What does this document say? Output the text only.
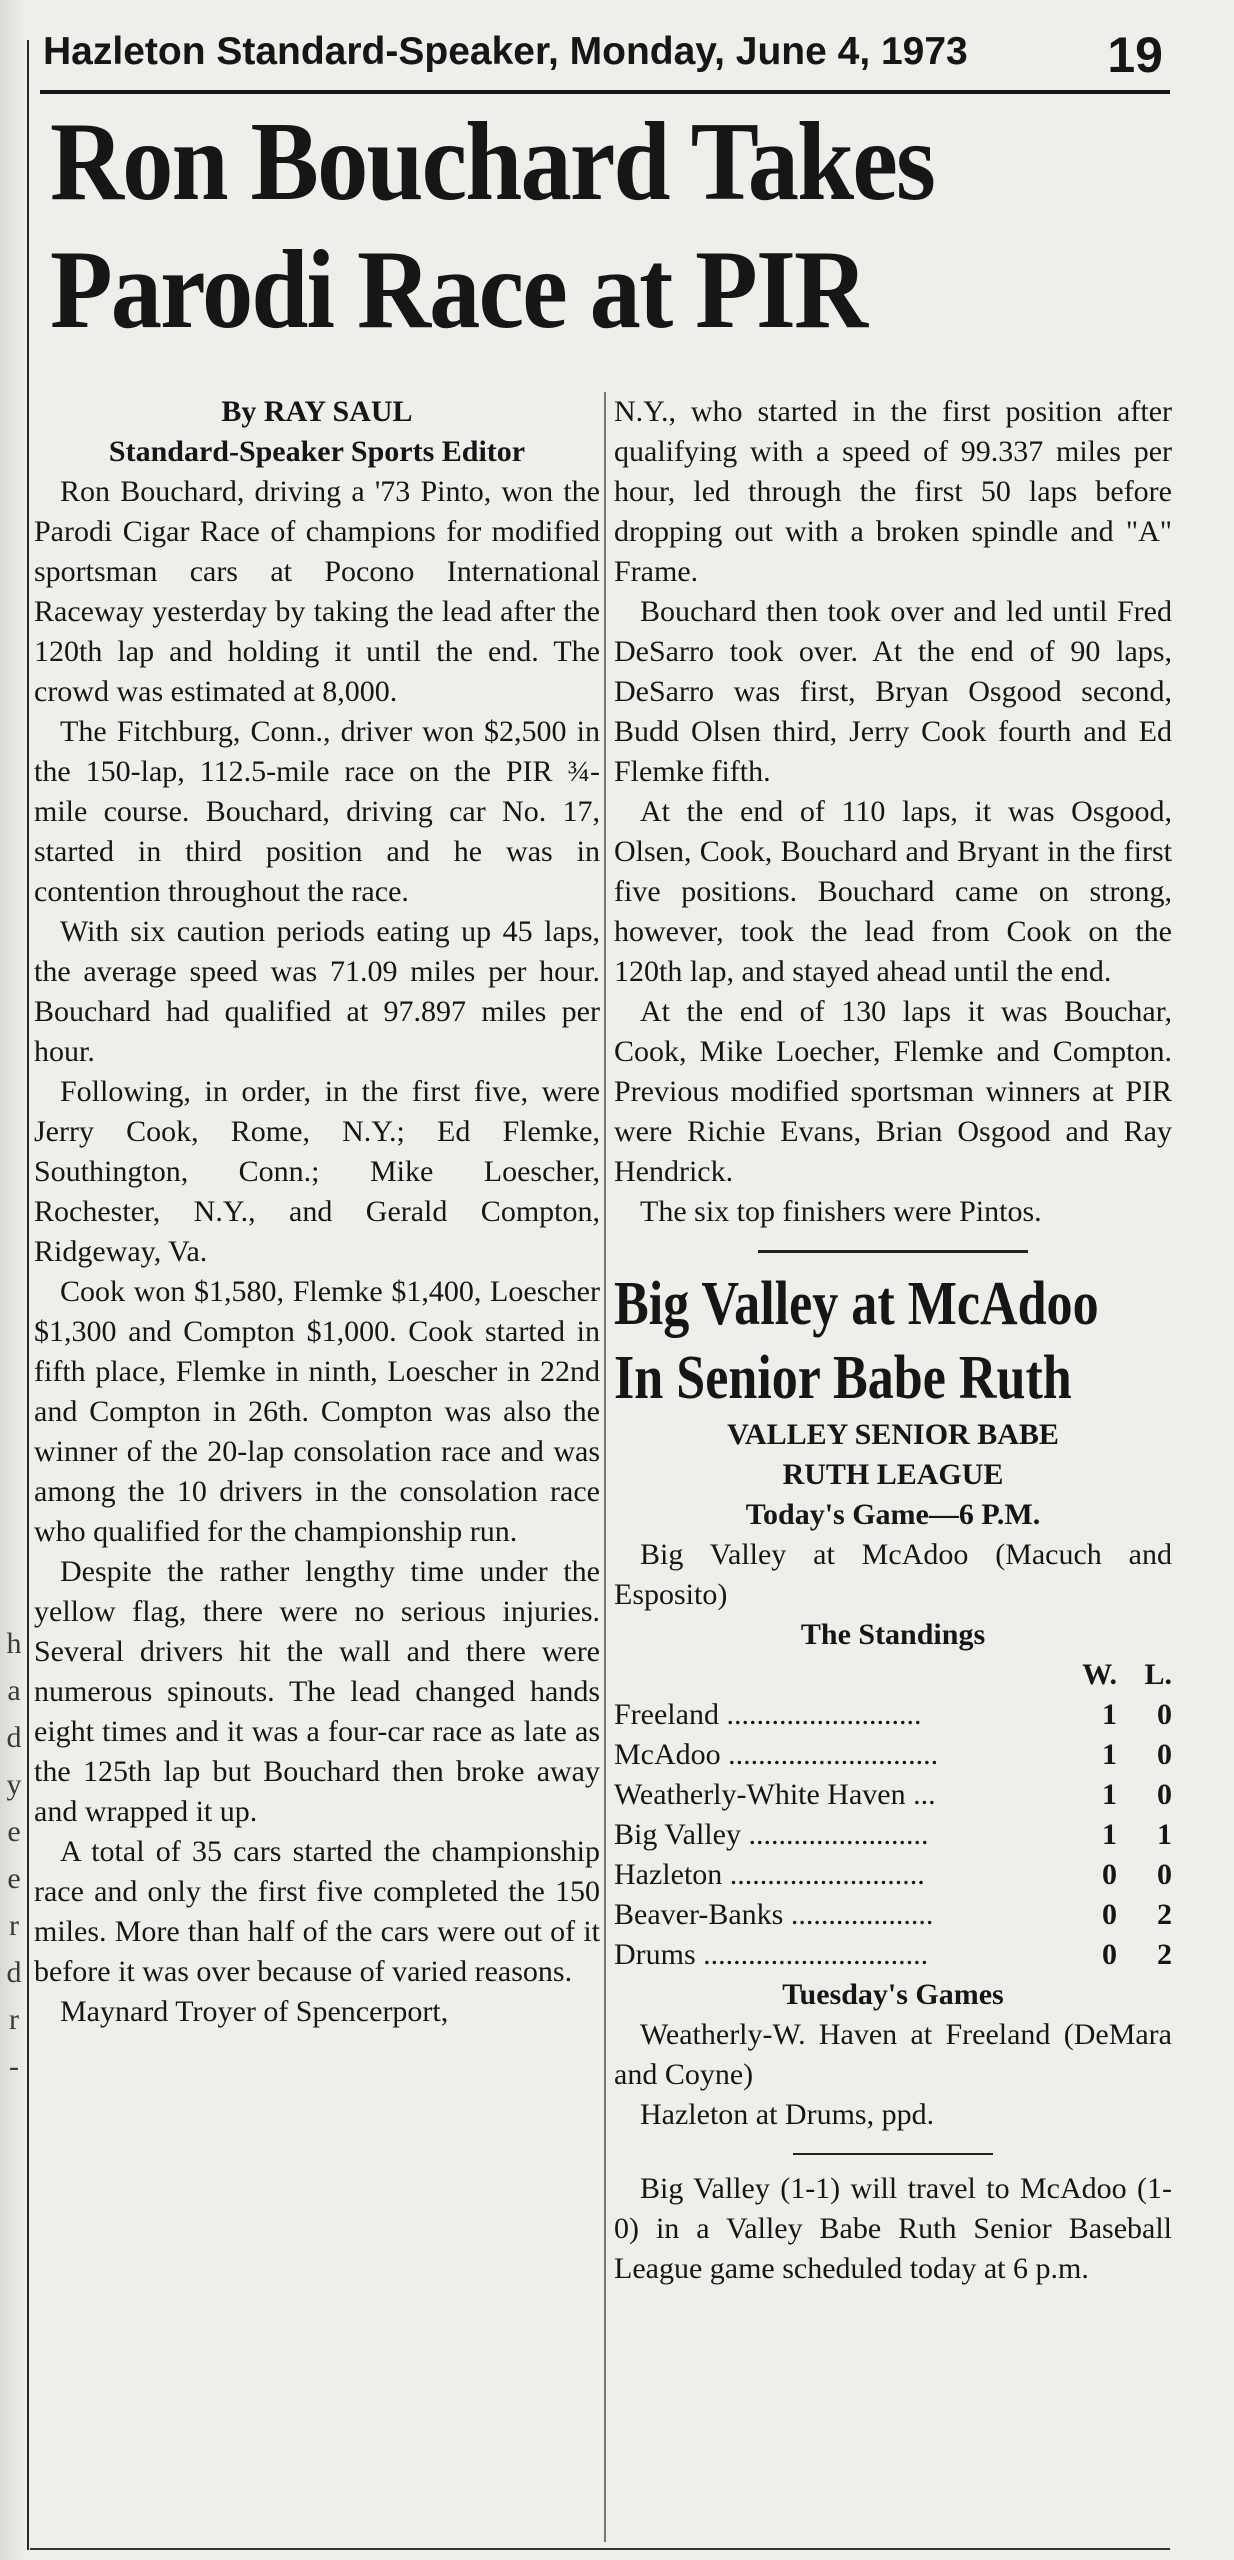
h
a
d
y
e
e
r
d
r
-
Hazleton Standard-Speaker, Monday, June 4, 1973	19
Ron Bouchard Takes
Parodi Race at PIR

By RAY SAUL

Standard-Speaker Sports Editor

Ron Bouchard, driving a '73 Pinto, won the Parodi Cigar Race of champions for modified sportsman cars at Pocono International Raceway yesterday by taking the lead after the 120th lap and holding it until the end. The crowd was estimated at 8,000.

The Fitchburg, Conn., driver won $2,500 in the 150-lap, 112.5-mile race on the PIR ¾-mile course. Bouchard, driving car No. 17, started in third position and he was in contention throughout the race.

With six caution periods eating up 45 laps, the average speed was 71.09 miles per hour. Bouchard had qualified at 97.897 miles per hour.

Following, in order, in the first five, were Jerry Cook, Rome, N.Y.; Ed Flemke, Southington, Conn.; Mike Loescher, Rochester, N.Y., and Gerald Compton, Ridgeway, Va.

Cook won $1,580, Flemke $1,400, Loescher $1,300 and Compton $1,000. Cook started in fifth place, Flemke in ninth, Loescher in 22nd and Compton in 26th. Compton was also the winner of the 20-lap consolation race and was among the 10 drivers in the consolation race who qualified for the championship run.

Despite the rather lengthy time under the yellow flag, there were no serious injuries. Several drivers hit the wall and there were numerous spinouts. The lead changed hands eight times and it was a four-car race as late as the 125th lap but Bouchard then broke away and wrapped it up.

A total of 35 cars started the championship race and only the first five completed the 150 miles. More than half of the cars were out of it before it was over because of varied reasons.

Maynard Troyer of Spencerport,

N.Y., who started in the first position after qualifying with a speed of 99.337 miles per hour, led through the first 50 laps before dropping out with a broken spindle and "A" Frame.

Bouchard then took over and led until Fred DeSarro took over. At the end of 90 laps, DeSarro was first, Bryan Osgood second, Budd Olsen third, Jerry Cook fourth and Ed Flemke fifth.

At the end of 110 laps, it was Osgood, Olsen, Cook, Bouchard and Bryant in the first five positions. Bouchard came on strong, however, took the lead from Cook on the 120th lap, and stayed ahead until the end.

At the end of 130 laps it was Bouchar, Cook, Mike Loecher, Flemke and Compton. Previous modified sportsman winners at PIR were Richie Evans, Brian Osgood and Ray Hendrick.

The six top finishers were Pintos.

Big Valley at McAdoo
In Senior Babe Ruth

VALLEY SENIOR BABE

RUTH LEAGUE

Today's Game—6 P.M.

Big Valley at McAdoo (Macuch and Esposito)

The Standings

	W.	L.
Freeland ..........................	1	0
McAdoo ............................	1	0
Weatherly-White Haven ...	1	0
Big Valley ........................	1	1
Hazleton ..........................	0	0
Beaver-Banks ...................	0	2
Drums ..............................	0	2

Tuesday's Games

Weatherly-W. Haven at Freeland (DeMara and Coyne)

Hazleton at Drums, ppd.

Big Valley (1-1) will travel to McAdoo (1-0) in a Valley Babe Ruth Senior Baseball League game scheduled today at 6 p.m.
